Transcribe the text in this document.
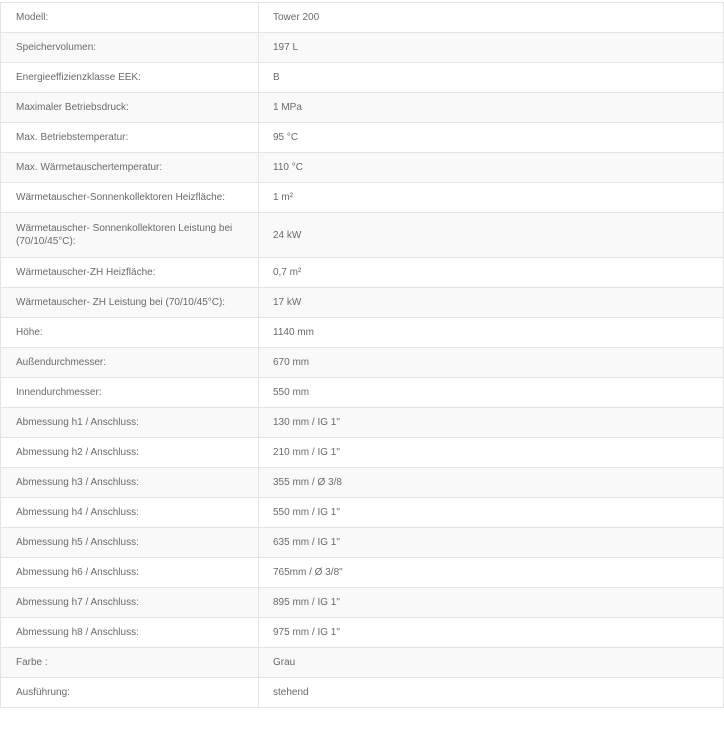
Modell:	Tower 200
Speichervolumen:	197 L
Energieeffizienzklasse EEK:	B
Maximaler Betriebsdruck:	1 MPa
Max. Betriebstemperatur:	95 °C
Max. Wärmetauschertemperatur:	110 °C
Wärmetauscher-Sonnenkollektoren Heizfläche:	1 m²
Wärmetauscher- Sonnenkollektoren Leistung bei (70/10/45°C):	24 kW
Wärmetauscher-ZH Heizfläche:	0,7 m²
Wärmetauscher- ZH Leistung bei (70/10/45°C):	17 kW
Höhe:	1140 mm
Außendurchmesser:	670 mm
Innendurchmesser:	550 mm
Abmessung h1 / Anschluss:	130 mm / IG 1"
Abmessung h2 / Anschluss:	210 mm / IG 1"
Abmessung h3 / Anschluss:	355 mm / Ø 3/8
Abmessung h4 / Anschluss:	550 mm / IG 1"
Abmessung h5 / Anschluss:	635 mm / IG 1"
Abmessung h6 / Anschluss:	765mm / Ø 3/8"
Abmessung h7 / Anschluss:	895 mm / IG 1"
Abmessung h8 / Anschluss:	975 mm / IG 1"
Farbe :	Grau
Ausführung:	stehend
